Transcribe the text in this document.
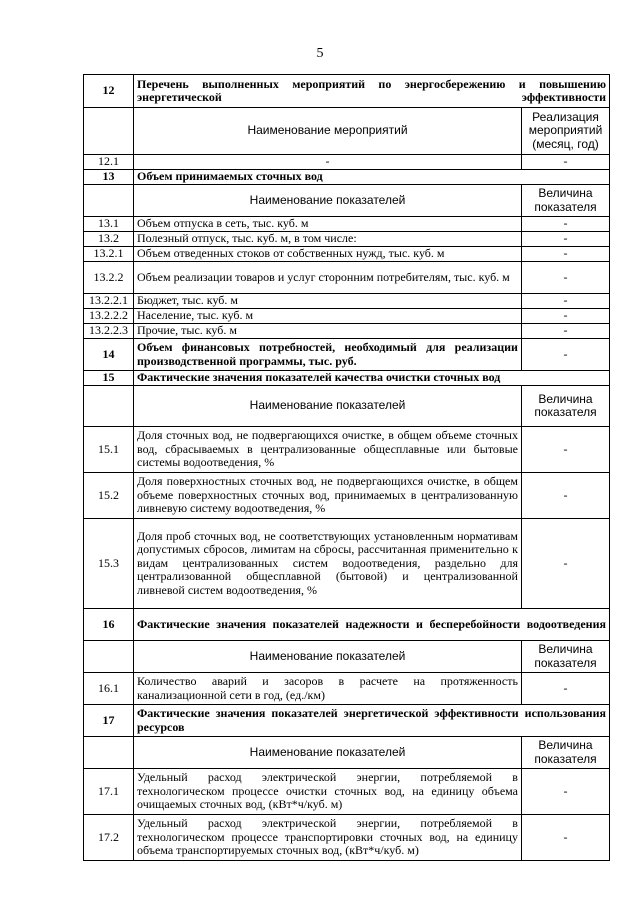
5
12	Перечень выполненных мероприятий по энергосбережению и повышению энергетической эффективности	
	Наименование мероприятий	Реализация мероприятий (месяц, год)
12.1	-	-
13	Объем принимаемых сточных вод	
	Наименование показателей	Величина показателя
13.1	Объем отпуска в сеть, тыс. куб. м	-
13.2	Полезный отпуск, тыс. куб. м, в том числе:	-
13.2.1	Объем отведенных стоков от собственных нужд, тыс. куб. м	-
13.2.2	Объем реализации товаров и услуг сторонним потребителям, тыс. куб. м	-
13.2.2.1	Бюджет, тыс. куб. м	-
13.2.2.2	Население, тыс. куб. м	-
13.2.2.3	Прочие, тыс. куб. м	-
14	Объем финансовых потребностей, необходимый для реализации производственной программы, тыс. руб.	-
15	Фактические значения показателей качества очистки сточных вод	
	Наименование показателей	Величина показателя
15.1	Доля сточных вод, не подвергающихся очистке, в общем объеме сточных вод, сбрасываемых в централизованные общесплавные или бытовые системы водоотведения, %	-
15.2	Доля поверхностных сточных вод, не подвергающихся очистке, в общем объеме поверхностных сточных вод, принимаемых в централизованную ливневую систему водоотведения, %	-
15.3	Доля проб сточных вод, не соответствующих установленным нормативам допустимых сбросов, лимитам на сбросы, рассчитанная применительно к видам централизованных систем водоотведения, раздельно для централизованной общесплавной (бытовой) и централизованной ливневой систем водоотведения, %	-
16	Фактические значения показателей надежности и бесперебойности водоотведения	
	Наименование показателей	Величина показателя
16.1	Количество аварий и засоров в расчете на протяженность канализационной сети в год, (ед./км)	-
17	Фактические значения показателей энергетической эффективности использования ресурсов	
	Наименование показателей	Величина показателя
17.1	Удельный расход электрической энергии, потребляемой в технологическом процессе очистки сточных вод, на единицу объема очищаемых сточных вод, (кВт*ч/куб. м)	-
17.2	Удельный расход электрической энергии, потребляемой в технологическом процессе транспортировки сточных вод, на единицу объема транспортируемых сточных вод, (кВт*ч/куб. м)	-
